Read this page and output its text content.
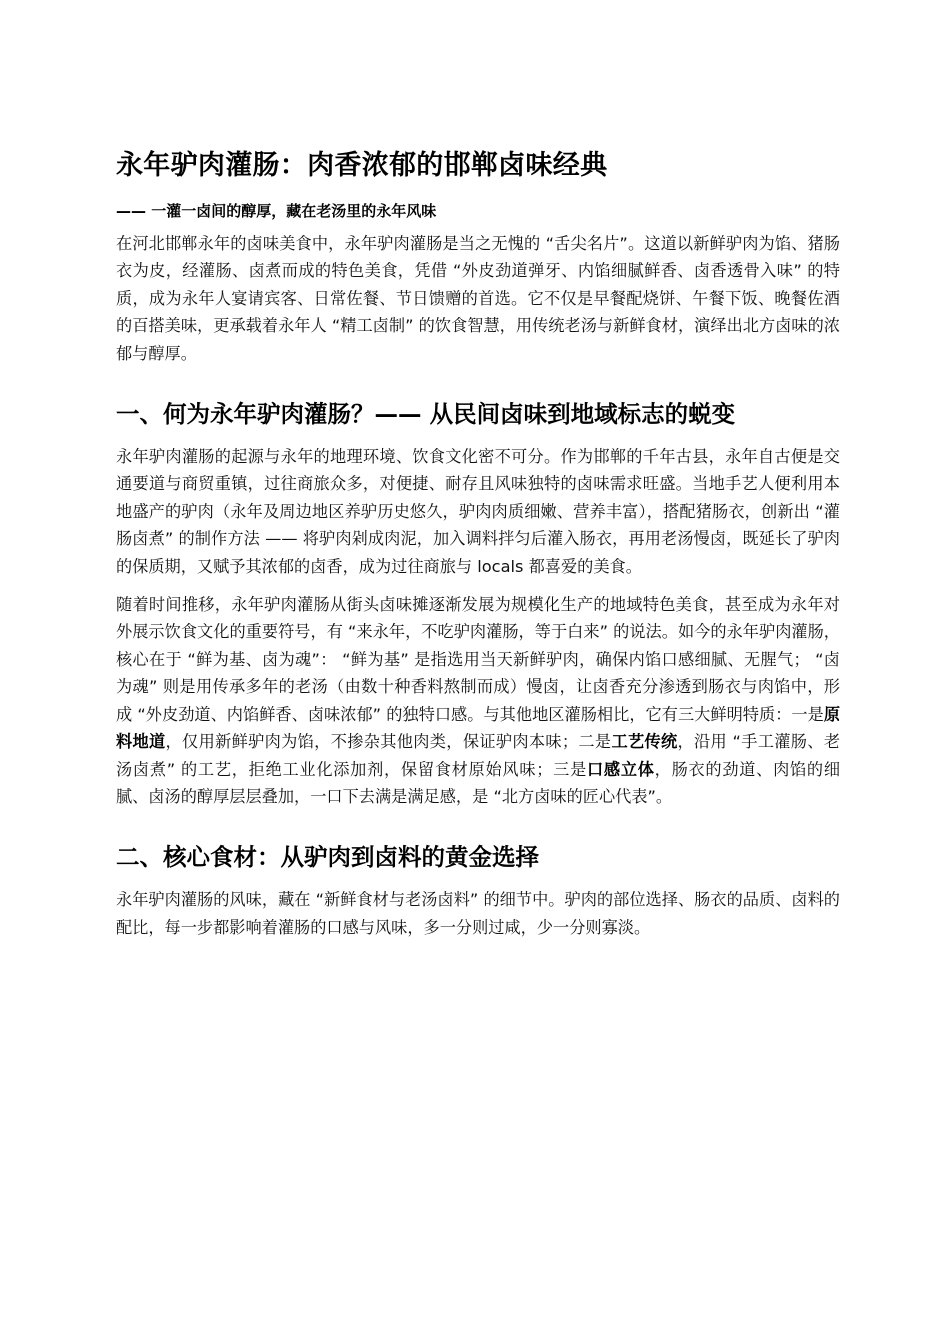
永年驴肉灌肠：肉香浓郁的邯郸卤味经典
—— 一灌一卤间的醇厚，藏在老汤里的永年风味

在河北邯郸永年的卤味美食中，永年驴肉灌肠是当之无愧的 “舌尖名片”。这道以新鲜驴肉为馅、猪肠衣为皮，经灌肠、卤煮而成的特色美食，凭借 “外皮劲道弹牙、内馅细腻鲜香、卤香透骨入味” 的特质，成为永年人宴请宾客、日常佐餐、节日馈赠的首选。它不仅是早餐配烧饼、午餐下饭、晚餐佐酒的百搭美味，更承载着永年人 “精工卤制” 的饮食智慧，用传统老汤与新鲜食材，演绎出北方卤味的浓郁与醇厚。

一、何为永年驴肉灌肠？—— 从民间卤味到地域标志的蜕变

永年驴肉灌肠的起源与永年的地理环境、饮食文化密不可分。作为邯郸的千年古县，永年自古便是交通要道与商贸重镇，过往商旅众多，对便捷、耐存且风味独特的卤味需求旺盛。当地手艺人便利用本地盛产的驴肉（永年及周边地区养驴历史悠久，驴肉肉质细嫩、营养丰富），搭配猪肠衣，创新出 “灌肠卤煮” 的制作方法 —— 将驴肉剁成肉泥，加入调料拌匀后灌入肠衣，再用老汤慢卤，既延长了驴肉的保质期，又赋予其浓郁的卤香，成为过往商旅与 locals 都喜爱的美食。

随着时间推移，永年驴肉灌肠从街头卤味摊逐渐发展为规模化生产的地域特色美食，甚至成为永年对外展示饮食文化的重要符号，有 “来永年，不吃驴肉灌肠，等于白来” 的说法。如今的永年驴肉灌肠，核心在于 “鲜为基、卤为魂”： “鲜为基” 是指选用当天新鲜驴肉，确保内馅口感细腻、无腥气； “卤为魂” 则是用传承多年的老汤（由数十种香料熬制而成）慢卤，让卤香充分渗透到肠衣与肉馅中，形成 “外皮劲道、内馅鲜香、卤味浓郁” 的独特口感。与其他地区灌肠相比，它有三大鲜明特质：一是原料地道，仅用新鲜驴肉为馅，不掺杂其他肉类，保证驴肉本味；二是工艺传统，沿用 “手工灌肠、老汤卤煮” 的工艺，拒绝工业化添加剂，保留食材原始风味；三是口感立体，肠衣的劲道、肉馅的细腻、卤汤的醇厚层层叠加，一口下去满是满足感，是 “北方卤味的匠心代表”。

二、核心食材：从驴肉到卤料的黄金选择

永年驴肉灌肠的风味，藏在 “新鲜食材与老汤卤料” 的细节中。驴肉的部位选择、肠衣的品质、卤料的配比，每一步都影响着灌肠的口感与风味，多一分则过咸，少一分则寡淡。
